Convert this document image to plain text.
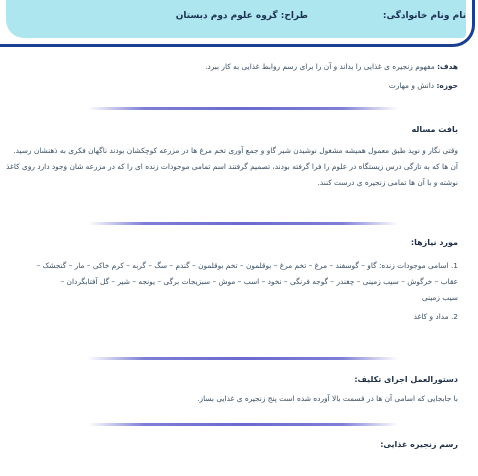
نام ونام خانوادگی:
طراح: گروه علوم دوم دبستان
هدف: مفهوم زنجیره ی غذایی را بداند و آن را برای رسم روابط غذایی به کار ببرد.
حوزه: دانش و مهارت
بافت مساله
وقتی نگار و نوید طبق معمول همیشه مشغول نوشیدن شیر گاو و جمع آوری تخم مرغ ها در مزرعه کوچکشان بودند ناگهان فکری به ذهنشان رسید.
آن ها که به تازگی درس زیستگاه در علوم را فرا گرفته بودند، تصمیم گرفتند اسم تمامی موجودات زنده ای را که در مزرعه شان وجود دارد روی کاغذ
نوشته و با آن ها تمامی زنجیره ی درست کنند.
مورد نیازها:
1. اسامی موجودات زنده: گاو – گوسفند – مرغ – تخم مرغ – بوقلمون – تخم بوقلمون – گندم – سگ – گربه – کرم خاکی – مار – گنجشک –
عقاب – خرگوش – سیب زمینی – چغندر – گوجه فرنگی – نخود – اسب – موش – سبزیجات برگی – یونجه – شیر – گل آفتابگردان –
سیب زمینی
2. مداد و کاغذ
دستورالعمل اجرای تکلیف:
با جابجایی که اسامی آن ها در قسمت بالا آورده شده است پنج زنجیره ی غذایی بساز.
رسم زنجیره غذایی:
